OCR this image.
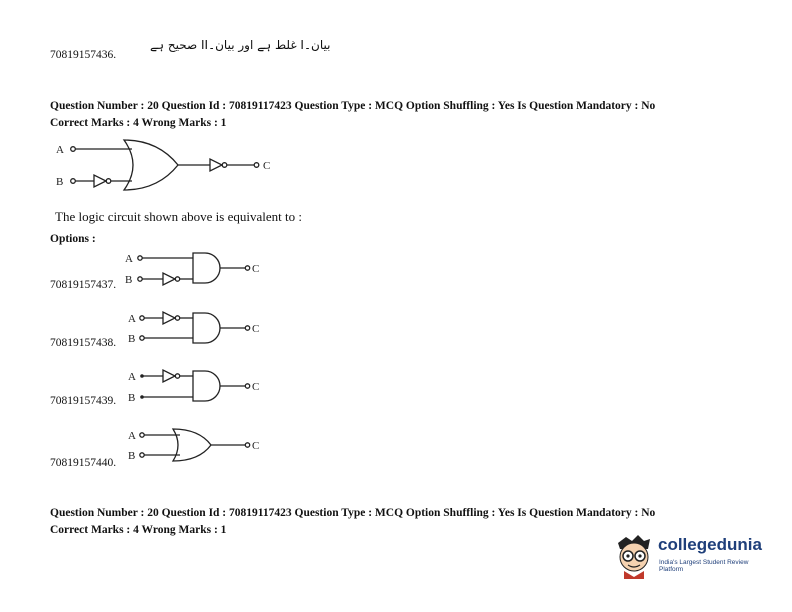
70819157436.
بیان۔I غلط ہے اور بیان۔II صحیح ہے
Question Number : 20 Question Id : 70819117423 Question Type : MCQ Option Shuffling : Yes Is Question Mandatory : No
Correct Marks : 4 Wrong Marks : 1
A
B
C
The logic circuit shown above is equivalent to :
Options :
70819157437.
A
B
C
70819157438.
A
B
C
70819157439.
A
B
C
70819157440.
A
B
C
Question Number : 20 Question Id : 70819117423 Question Type : MCQ Option Shuffling : Yes Is Question Mandatory : No
Correct Marks : 4 Wrong Marks : 1
collegedunia
India's Largest Student Review Platform
